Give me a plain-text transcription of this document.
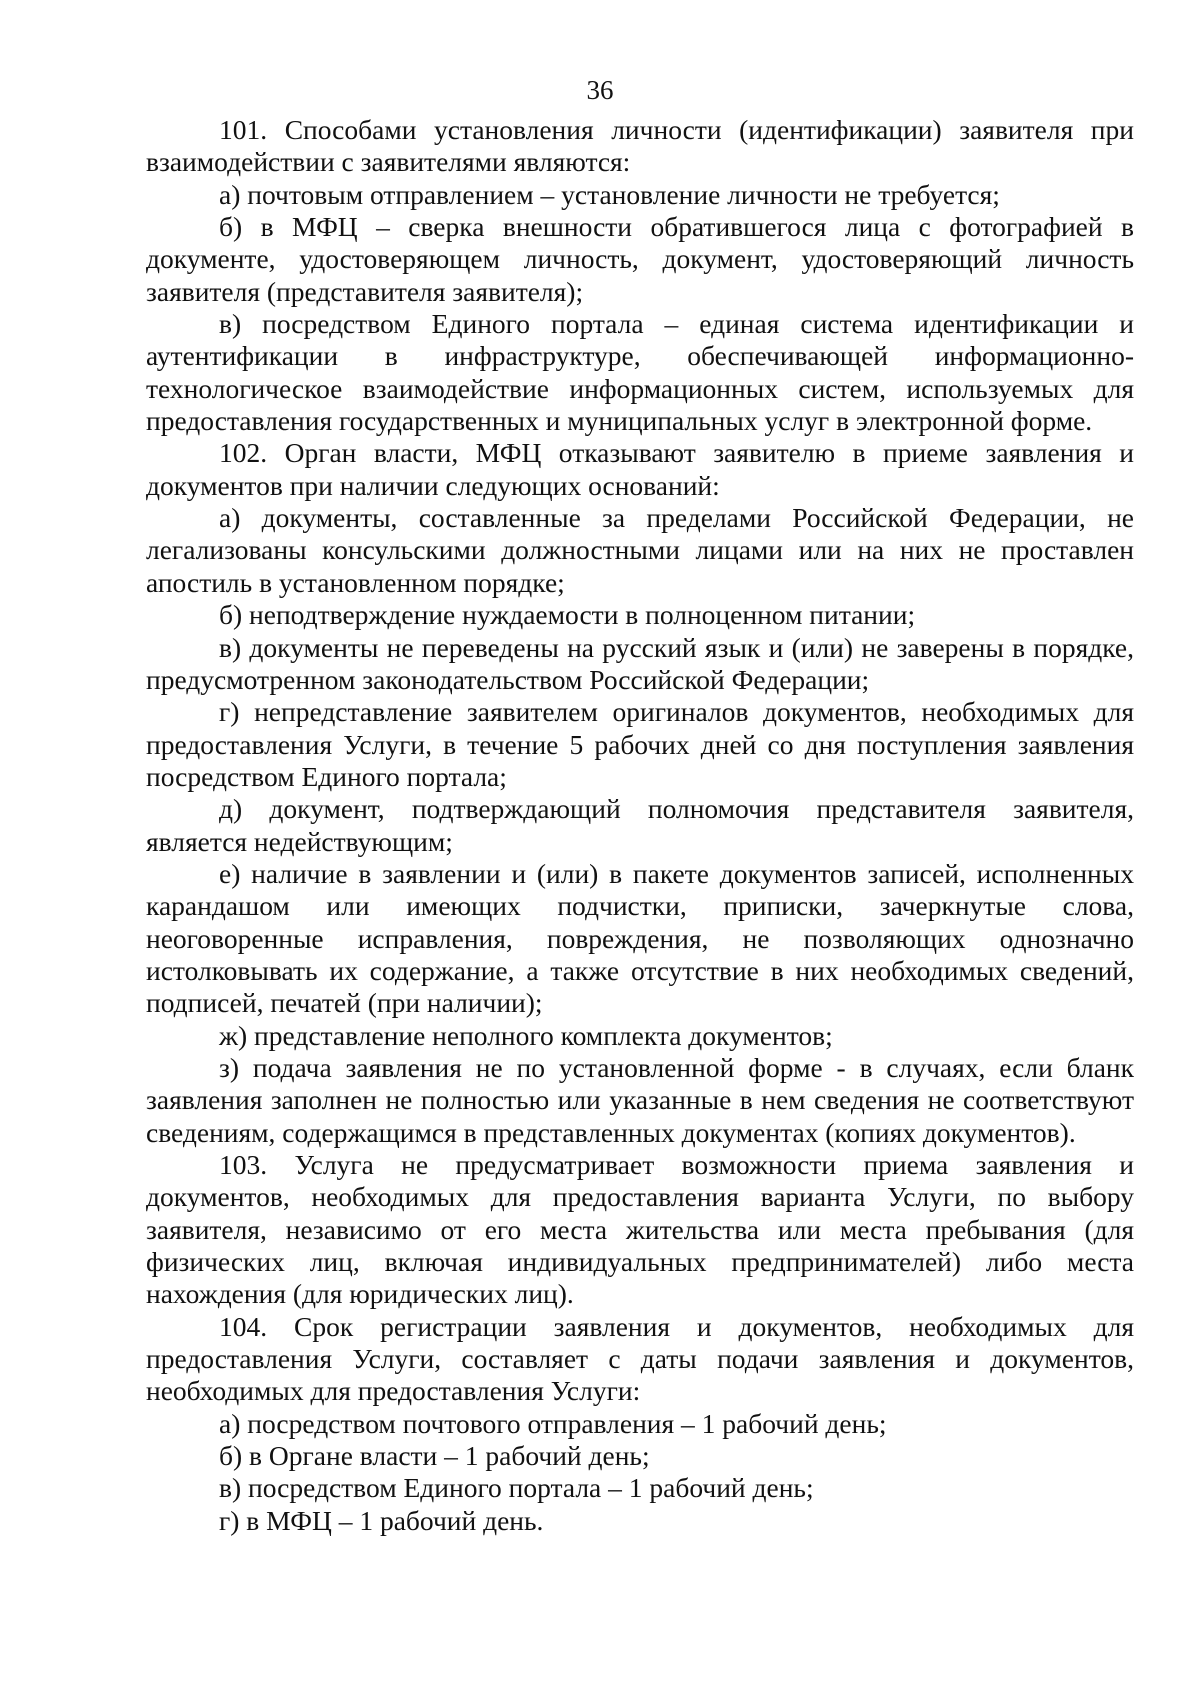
36

101. Способами установления личности (идентификации) заявителя при взаимодействии с заявителями являются:

а) почтовым отправлением – установление личности не требуется;

б) в МФЦ – сверка внешности обратившегося лица с фотографией в документе, удостоверяющем личность, документ, удостоверяющий личность заявителя (представителя заявителя);

в) посредством Единого портала – единая система идентификации и аутентификации в инфраструктуре, обеспечивающей информационно-технологическое взаимодействие информационных систем, используемых для предоставления государственных и муниципальных услуг в электронной форме.

102. Орган власти, МФЦ отказывают заявителю в приеме заявления и документов при наличии следующих оснований:

а) документы, составленные за пределами Российской Федерации, не легализованы консульскими должностными лицами или на них не проставлен апостиль в установленном порядке;

б) неподтверждение нуждаемости в полноценном питании;

в) документы не переведены на русский язык и (или) не заверены в порядке, предусмотренном законодательством Российской Федерации;

г) непредставление заявителем оригиналов документов, необходимых для предоставления Услуги, в течение 5 рабочих дней со дня поступления заявления посредством Единого портала;

д) документ, подтверждающий полномочия представителя заявителя, является недействующим;

е) наличие в заявлении и (или) в пакете документов записей, исполненных карандашом или имеющих подчистки, приписки, зачеркнутые слова, неоговоренные исправления, повреждения, не позволяющих однозначно истолковывать их содержание, а также отсутствие в них необходимых сведений, подписей, печатей (при наличии);

ж) представление неполного комплекта документов;

з) подача заявления не по установленной форме - в случаях, если бланк заявления заполнен не полностью или указанные в нем сведения не соответствуют сведениям, содержащимся в представленных документах (копиях документов).

103. Услуга не предусматривает возможности приема заявления и документов, необходимых для предоставления варианта Услуги, по выбору заявителя, независимо от его места жительства или места пребывания (для физических лиц, включая индивидуальных предпринимателей) либо места нахождения (для юридических лиц).

104. Срок регистрации заявления и документов, необходимых для предоставления Услуги, составляет с даты подачи заявления и документов, необходимых для предоставления Услуги:

а) посредством почтового отправления – 1 рабочий день;

б) в Органе власти – 1 рабочий день;

в) посредством Единого портала – 1 рабочий день;

г) в МФЦ – 1 рабочий день.
